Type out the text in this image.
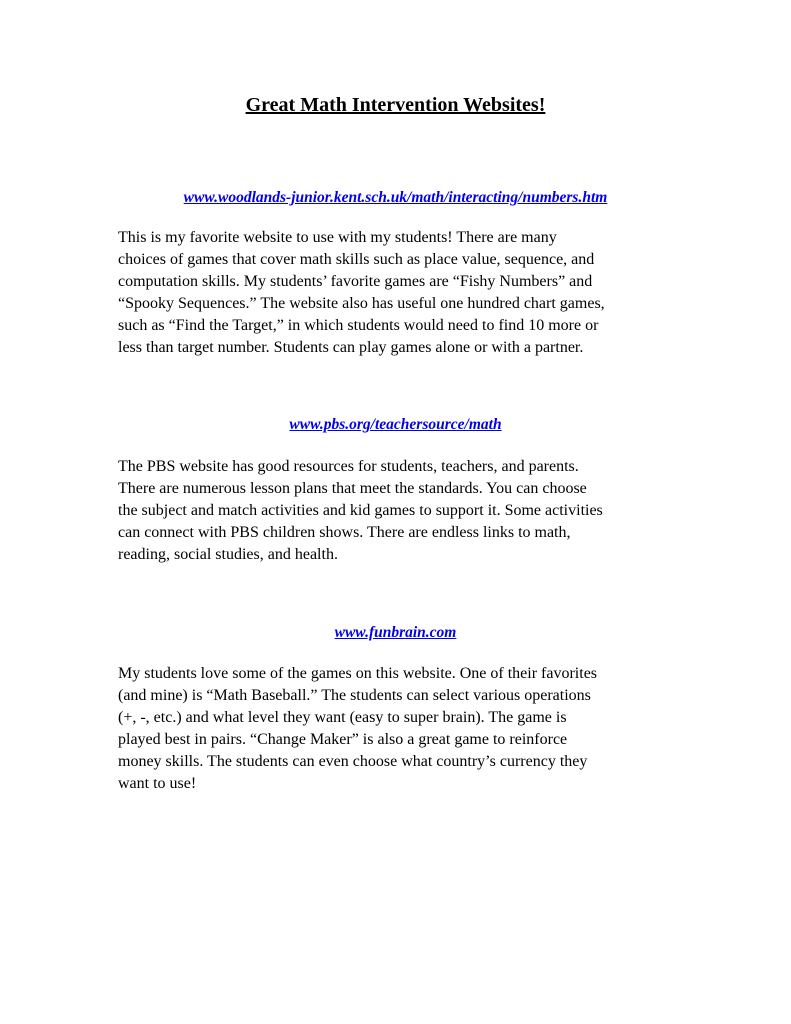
Great Math Intervention Websites!

www.woodlands-junior.kent.sch.uk/math/interacting/numbers.htm

This is my favorite website to use with my students! There are many
choices of games that cover math skills such as place value, sequence, and
computation skills. My students’ favorite games are “Fishy Numbers” and
“Spooky Sequences.” The website also has useful one hundred chart games,
such as “Find the Target,” in which students would need to find 10 more or
less than target number. Students can play games alone or with a partner.

www.pbs.org/teachersource/math

The PBS website has good resources for students, teachers, and parents.
There are numerous lesson plans that meet the standards. You can choose
the subject and match activities and kid games to support it. Some activities
can connect with PBS children shows. There are endless links to math,
reading, social studies, and health.

www.funbrain.com

My students love some of the games on this website. One of their favorites
(and mine) is “Math Baseball.” The students can select various operations
(+, -, etc.) and what level they want (easy to super brain). The game is
played best in pairs. “Change Maker” is also a great game to reinforce
money skills. The students can even choose what country’s currency they
want to use!
